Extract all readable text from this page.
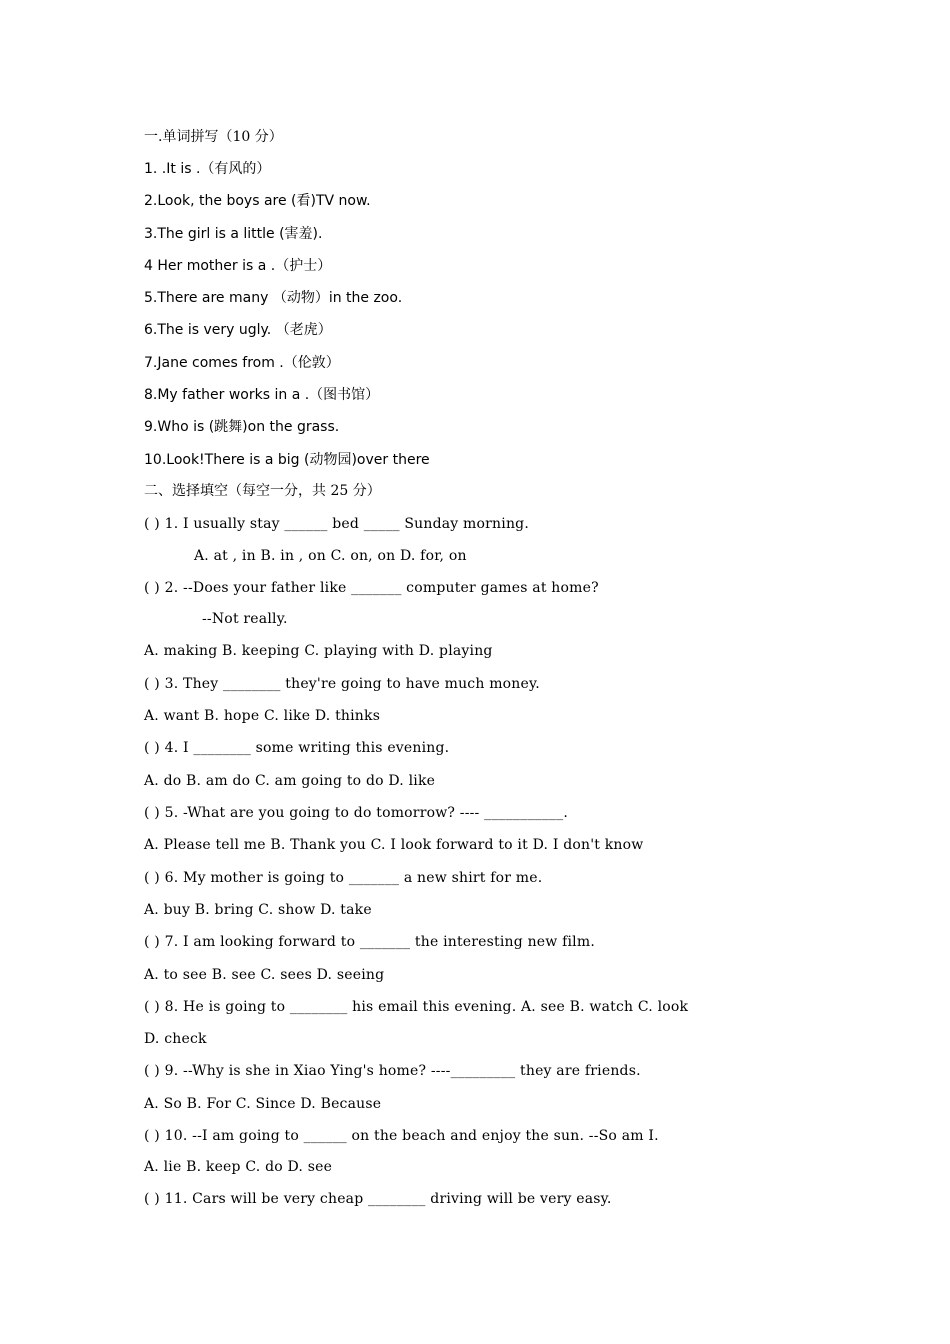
一.单词拼写（10 分）
1. .It is .（有风的）
2.Look, the boys are (看)TV now.
3.The girl is a little (害羞).
4 Her mother is a .（护士）
5.There are many （动物）in the zoo.
6.The is very ugly. （老虎）
7.Jane comes from .（伦敦）
8.My father works in a .（图书馆）
9.Who is (跳舞)on the grass.
10.Look!There is a big (动物园)over there
二、选择填空（每空一分，共 25 分）
( ) 1. I usually stay ______ bed _____ Sunday morning.
A. at , in B. in , on C. on, on D. for, on
( ) 2. --Does your father like _______ computer games at home?
--Not really.
A. making B. keeping C. playing with D. playing
( ) 3. They ________ they're going to have much money.
A. want B. hope C. like D. thinks
( ) 4. I ________ some writing this evening.
A. do B. am do C. am going to do D. like
( ) 5. -What are you going to do tomorrow? ---- ___________.
A. Please tell me B. Thank you C. I look forward to it D. I don't know
( ) 6. My mother is going to _______ a new shirt for me.
A. buy B. bring C. show D. take
( ) 7. I am looking forward to _______ the interesting new film.
A. to see B. see C. sees D. seeing
( ) 8. He is going to ________ his email this evening. A. see B. watch C. look
D. check
( ) 9. --Why is she in Xiao Ying's home? ----_________ they are friends.
A. So B. For C. Since D. Because
( ) 10. --I am going to ______ on the beach and enjoy the sun. --So am I.
A. lie B. keep C. do D. see
( ) 11. Cars will be very cheap ________ driving will be very easy.
